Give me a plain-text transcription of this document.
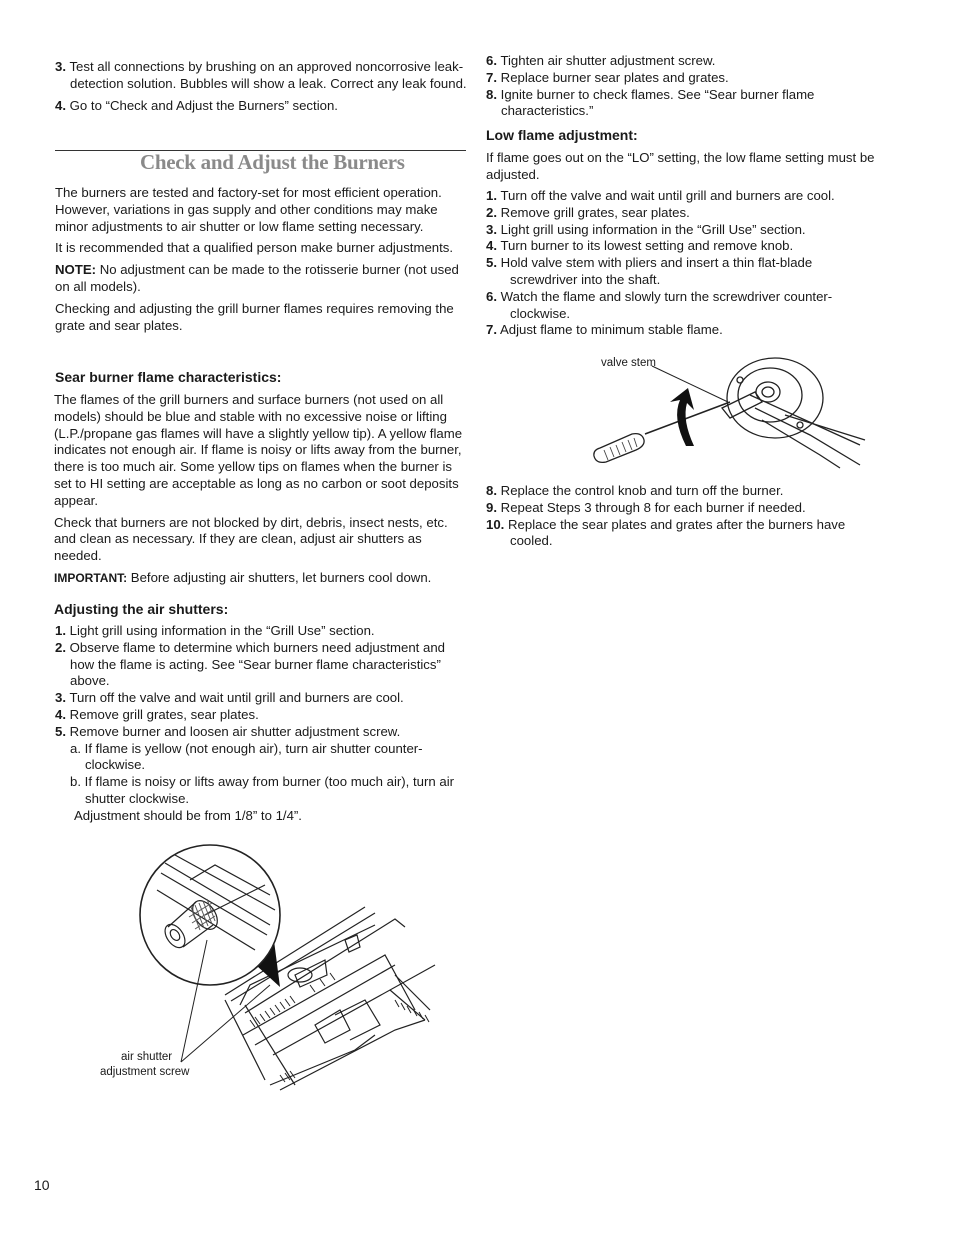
3. Test all connections by brushing on an approved noncorrosive leak-detection solution. Bubbles will show a leak. Correct any leak found.

4. Go to “Check and Adjust the Burners” section.

Check and Adjust the Burners

The burners are tested and factory-set for most efficient operation. However, variations in gas supply and other conditions may make minor adjustments to air shutter or low flame setting necessary.

It is recommended that a qualified person make burner adjustments.

NOTE: No adjustment can be made to the rotisserie burner (not used on all models).

Checking and adjusting the grill burner flames requires removing the grate and sear plates.

Sear burner flame characteristics:

The flames of the grill burners and surface burners (not used on all models) should be blue and stable with no excessive noise or lifting (L.P./propane gas flames will have a slightly yellow tip). A yellow flame indicates not enough air. If flame is noisy or lifts away from the burner, there is too much air. Some yellow tips on flames when the burner is set to HI setting are acceptable as long as no carbon or soot deposits appear.

Check that burners are not blocked by dirt, debris, insect nests, etc. and clean as necessary. If they are clean, adjust air shutters as needed.

IMPORTANT: Before adjusting air shutters, let burners cool down.

Adjusting the air shutters:

1. Light grill using information in the “Grill Use” section.

2. Observe flame to determine which burners need adjustment and how the flame is acting. See “Sear burner flame characteristics” above.

3. Turn off the valve and wait until grill and burners are cool.

4. Remove grill grates, sear plates.

5. Remove burner and loosen air shutter adjustment screw.

a. If flame is yellow (not enough air), turn air shutter counter-clockwise.

b. If flame is noisy or lifts away from burner (too much air), turn air shutter clockwise.

Adjustment should be from 1/8” to 1/4”.

air shutter
adjustment screw

6. Tighten air shutter adjustment screw.

7. Replace burner sear plates and grates.

8. Ignite burner to check flames. See “Sear burner flame characteristics.”

Low flame adjustment:
If flame goes out on the “LO” setting, the low flame setting must be adjusted.

1. Turn off the valve and wait until grill and burners are cool.

2. Remove grill grates, sear plates.

3. Light grill using information in the “Grill Use” section.

4. Turn burner to its lowest setting and remove knob.

5. Hold valve stem with pliers and insert a thin flat-blade screwdriver into the shaft.

6. Watch the flame and slowly turn the screwdriver counter-clockwise.

7. Adjust flame to minimum stable flame.

valve stem

8. Replace the control knob and turn off the burner.

9. Repeat Steps 3 through 8 for each burner if needed.

10. Replace the sear plates and grates after the burners have cooled.

10
